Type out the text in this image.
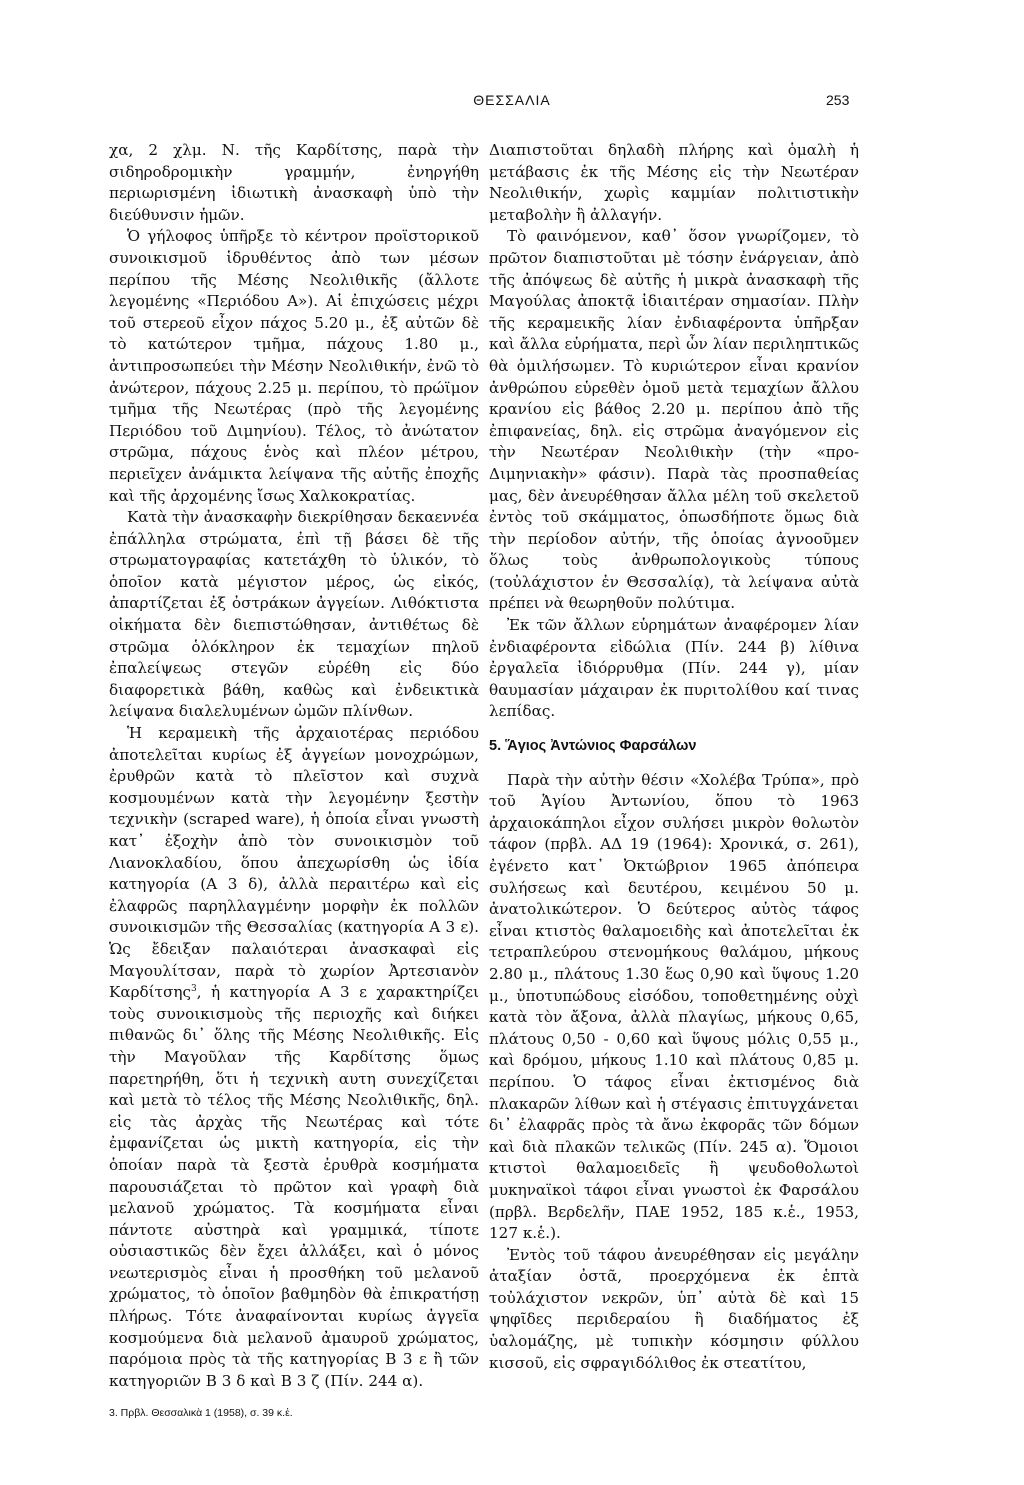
ΘΕΣΣΑΛΙΑ	253

χα, 2 χλμ. Ν. τῆς Καρδίτσης, παρὰ τὴν σιδηροδρομικὴν γραμμήν, ἐνηργήθη περιωρισμένη ἰδιωτικὴ ἀνασκαφὴ ὑπὸ τὴν διεύθυνσιν ἡμῶν.

Ὁ γήλοφος ὑπῆρξε τὸ κέντρον προϊστορικοῦ συνοικισμοῦ ἱδρυθέντος ἀπὸ των μέσων περίπου τῆς Μέσης Νεολιθικῆς (ἄλλοτε λεγομένης «Περιόδου Α»). Αἱ ἐπιχώσεις μέχρι τοῦ στερεοῦ εἶχον πάχος 5.20 μ., ἐξ αὐτῶν δὲ τὸ κατώτερον τμῆμα, πάχους 1.80 μ., ἀντιπροσωπεύει τὴν Μέσην Νεολιθικήν, ἐνῶ τὸ ἀνώτερον, πάχους 2.25 μ. περίπου, τὸ πρώϊμον τμῆμα τῆς Νεωτέρας (πρὸ τῆς λεγομένης Περιόδου τοῦ Διμηνίου). Τέλος, τὸ ἀνώτατον στρῶμα, πάχους ἑνὸς καὶ πλέον μέτρου, περιεῖχεν ἀνάμικτα λείψανα τῆς αὐτῆς ἐποχῆς καὶ τῆς ἀρχομένης ἴσως Χαλκοκρατίας.

Κατὰ τὴν ἀνασκαφὴν διεκρίθησαν δεκαεννέα ἐπάλληλα στρώματα, ἐπὶ τῇ βάσει δὲ τῆς στρωματογραφίας κατετάχθη τὸ ὑλικόν, τὸ ὁποῖον κατὰ μέγιστον μέρος, ὡς εἰκός, ἀπαρτίζεται ἐξ ὀστράκων ἀγγείων. Λιθόκτιστα οἰκήματα δὲν διεπιστώθησαν, ἀντιθέτως δὲ στρῶμα ὁλόκληρον ἐκ τεμαχίων πηλοῦ ἐπαλείψεως στεγῶν εὑρέθη εἰς δύο διαφορετικὰ βάθη, καθὼς καὶ ἐνδεικτικὰ λείψανα διαλελυμένων ὠμῶν πλίνθων.

Ἡ κεραμεικὴ τῆς ἀρχαιοτέρας περιόδου ἀποτελεῖται κυρίως ἐξ ἀγγείων μονοχρώμων, ἐρυθρῶν κατὰ τὸ πλεῖστον καὶ συχνὰ κοσμουμένων κατὰ τὴν λεγομένην ξεστὴν τεχνικὴν (scraped ware), ἡ ὁποία εἶναι γνωστὴ κατ᾽ ἐξοχὴν ἀπὸ τὸν συνοικισμὸν τοῦ Λιανοκλαδίου, ὅπου ἀπεχωρίσθη ὡς ἰδία κατηγορία (Α 3 δ), ἀλλὰ περαιτέρω καὶ εἰς ἐλαφρῶς παρηλλαγμένην μορφὴν ἐκ πολλῶν συνοικισμῶν τῆς Θεσσαλίας (κατηγορία Α 3 ε). Ὡς ἔδειξαν παλαιότεραι ἀνασκαφαὶ εἰς Μαγουλίτσαν, παρὰ τὸ χωρίον Ἀρτεσιανὸν Καρδίτσης$^3$, ἡ κατηγορία Α 3 ε χαρακτηρίζει τοὺς συνοικισμοὺς τῆς περιοχῆς καὶ διήκει πιθανῶς δι᾽ ὅλης τῆς Μέσης Νεολιθικῆς. Εἰς τὴν Μαγοῦλαν τῆς Καρδίτσης ὅμως παρετηρήθη, ὅτι ἡ τεχνικὴ αυτη συνεχίζεται καὶ μετὰ τὸ τέλος τῆς Μέσης Νεολιθικῆς, δηλ. εἰς τὰς ἀρχὰς τῆς Νεωτέρας καὶ τότε ἐμφανίζεται ὡς μικτὴ κατηγορία, εἰς τὴν ὁποίαν παρὰ τὰ ξεστὰ ἐρυθρὰ κοσμήματα παρουσιάζεται τὸ πρῶτον καὶ γραφὴ διὰ μελανοῦ χρώματος. Τὰ κοσμήματα εἶναι πάντοτε αὐστηρὰ καὶ γραμμικά, τίποτε οὐσιαστικῶς δὲν ἔχει ἀλλάξει, καὶ ὁ μόνος νεωτερισμὸς εἶναι ἡ προσθήκη τοῦ μελανοῦ χρώματος, τὸ ὁποῖον βαθμηδὸν θὰ ἐπικρατήσῃ πλήρως. Τότε ἀναφαίνονται κυρίως ἀγγεῖα κοσμούμενα διὰ μελανοῦ ἀμαυροῦ χρώματος, παρόμοια πρὸς τὰ τῆς κατηγορίας Β 3 ε ἢ τῶν κατηγοριῶν Β 3 δ καὶ Β 3 ζ (Πίν. 244 α).

3. Πρβλ. Θεσσαλικὰ 1 (1958), σ. 39 κ.ἑ.

Διαπιστοῦται δηλαδὴ πλήρης καὶ ὁμαλὴ ἡ μετάβασις ἐκ τῆς Μέσης εἰς τὴν Νεωτέραν Νεολιθικήν, χωρὶς καμμίαν πολιτιστικὴν μεταβολὴν ἢ ἀλλαγήν.

Τὸ φαινόμενον, καθ᾽ ὅσον γνωρίζομεν, τὸ πρῶτον διαπιστοῦται μὲ τόσην ἐνάργειαν, ἀπὸ τῆς ἀπόψεως δὲ αὐτῆς ἡ μικρὰ ἀνασκαφὴ τῆς Μαγούλας ἀποκτᾷ ἰδιαιτέραν σημασίαν. Πλὴν τῆς κεραμεικῆς λίαν ἐνδιαφέροντα ὑπῆρξαν καὶ ἄλλα εὑρήματα, περὶ ὧν λίαν περιληπτικῶς θὰ ὁμιλήσωμεν. Τὸ κυριώτερον εἶναι κρανίον ἀνθρώπου εὑρεθὲν ὁμοῦ μετὰ τεμαχίων ἄλλου κρανίου εἰς βάθος 2.20 μ. περίπου ἀπὸ τῆς ἐπιφανείας, δηλ. εἰς στρῶμα ἀναγόμενον εἰς τὴν Νεωτέραν Νεολιθικὴν (τὴν «προ-Διμηνιακὴν» φάσιν). Παρὰ τὰς προσπαθείας μας, δὲν ἀνευρέθησαν ἄλλα μέλη τοῦ σκελετοῦ ἐντὸς τοῦ σκάμματος, ὁπωσδήποτε ὅμως διὰ τὴν περίοδον αὐτήν, τῆς ὁποίας ἀγνοοῦμεν ὅλως τοὺς ἀνθρωπολογικοὺς τύπους (τοὐλάχιστον ἐν Θεσσαλίᾳ), τὰ λείψανα αὐτὰ πρέπει νὰ θεωρηθοῦν πολύτιμα.

Ἐκ τῶν ἄλλων εὑρημάτων ἀναφέρομεν λίαν ἐνδιαφέροντα εἰδώλια (Πίν. 244 β) λίθινα ἐργαλεῖα ἰδιόρρυθμα (Πίν. 244 γ), μίαν θαυμασίαν μάχαιραν ἐκ πυριτολίθου καί τινας λεπίδας.

5. Ἅγιος Ἀντώνιος Φαρσάλων

Παρὰ τὴν αὐτὴν θέσιν «Χολέβα Τρύπα», πρὸ τοῦ Ἁγίου Ἀντωνίου, ὅπου τὸ 1963 ἀρχαιοκάπηλοι εἶχον συλήσει μικρὸν θολωτὸν τάφον (πρβλ. ΑΔ 19 (1964): Χρονικά, σ. 261), ἐγένετο κατ᾽ Ὀκτώβριον 1965 ἀπόπειρα συλήσεως καὶ δευτέρου, κειμένου 50 μ. ἀνατολικώτερον. Ὁ δεύτερος αὐτὸς τάφος εἶναι κτιστὸς θαλαμοειδὴς καὶ ἀποτελεῖται ἐκ τετραπλεύρου στενομήκους θαλάμου, μήκους 2.80 μ., πλάτους 1.30 ἕως 0,90 καὶ ὕψους 1.20 μ., ὑποτυπώδους εἰσόδου, τοποθετημένης οὐχὶ κατὰ τὸν ἄξονα, ἀλλὰ πλαγίως, μήκους 0,65, πλάτους 0,50 - 0,60 καὶ ὕψους μόλις 0,55 μ., καὶ δρόμου, μήκους 1.10 καὶ πλάτους 0,85 μ. περίπου. Ὁ τάφος εἶναι ἐκτισμένος διὰ πλακαρῶν λίθων καὶ ἡ στέγασις ἐπιτυγχάνεται δι᾽ ἐλαφρᾶς πρὸς τὰ ἄνω ἐκφορᾶς τῶν δόμων καὶ διὰ πλακῶν τελικῶς (Πίν. 245 α). Ὅμοιοι κτιστοὶ θαλαμοειδεῖς ἢ ψευδοθολωτοὶ μυκηναϊκοὶ τάφοι εἶναι γνωστοὶ ἐκ Φαρσάλου (πρβλ. Βερδελῆν, ΠΑΕ 1952, 185 κ.ἑ., 1953, 127 κ.ἑ.).

Ἐντὸς τοῦ τάφου ἀνευρέθησαν εἰς μεγάλην ἀταξίαν ὀστᾶ, προερχόμενα ἐκ ἑπτὰ τοὐλάχιστον νεκρῶν, ὑπ᾽ αὐτὰ δὲ καὶ 15 ψηφῖδες περιδεραίου ἢ διαδήματος ἐξ ὑαλομάζης, μὲ τυπικὴν κόσμησιν φύλλου κισσοῦ, εἰς σφραγιδόλιθος ἐκ στεατίτου,
